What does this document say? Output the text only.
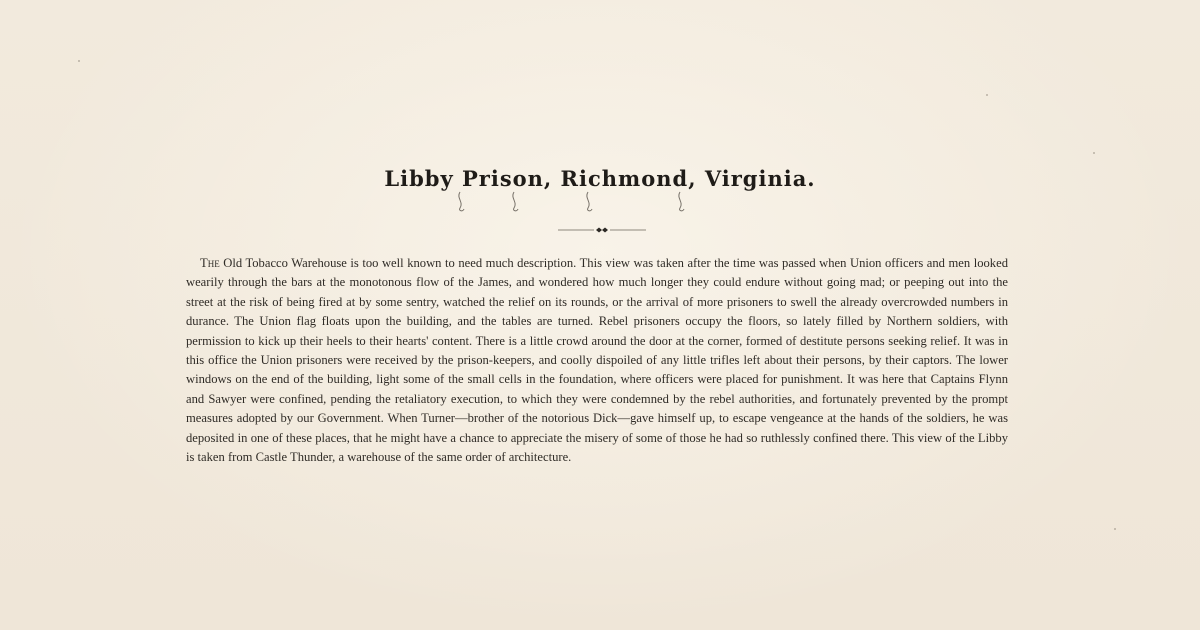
Libby Prison, Richmond, Virginia.

The Old Tobacco Warehouse is too well known to need much description. This view was taken after the time was passed when Union officers and men looked wearily through the bars at the monotonous flow of the James, and wondered how much longer they could endure without going mad; or peeping out into the street at the risk of being fired at by some sentry, watched the relief on its rounds, or the arrival of more prisoners to swell the already overcrowded numbers in durance. The Union flag floats upon the building, and the tables are turned. Rebel prisoners occupy the floors, so lately filled by Northern soldiers, with permission to kick up their heels to their hearts' content. There is a little crowd around the door at the corner, formed of destitute persons seeking relief. It was in this office the Union prisoners were received by the prison-keepers, and coolly dispoiled of any little trifles left about their persons, by their captors. The lower windows on the end of the building, light some of the small cells in the foundation, where officers were placed for punishment. It was here that Captains Flynn and Sawyer were confined, pending the retaliatory execution, to which they were condemned by the rebel authorities, and fortunately prevented by the prompt measures adopted by our Government. When Turner—brother of the notorious Dick—gave himself up, to escape vengeance at the hands of the soldiers, he was deposited in one of these places, that he might have a chance to appreciate the misery of some of those he had so ruthlessly confined there. This view of the Libby is taken from Castle Thunder, a warehouse of the same order of architecture.
